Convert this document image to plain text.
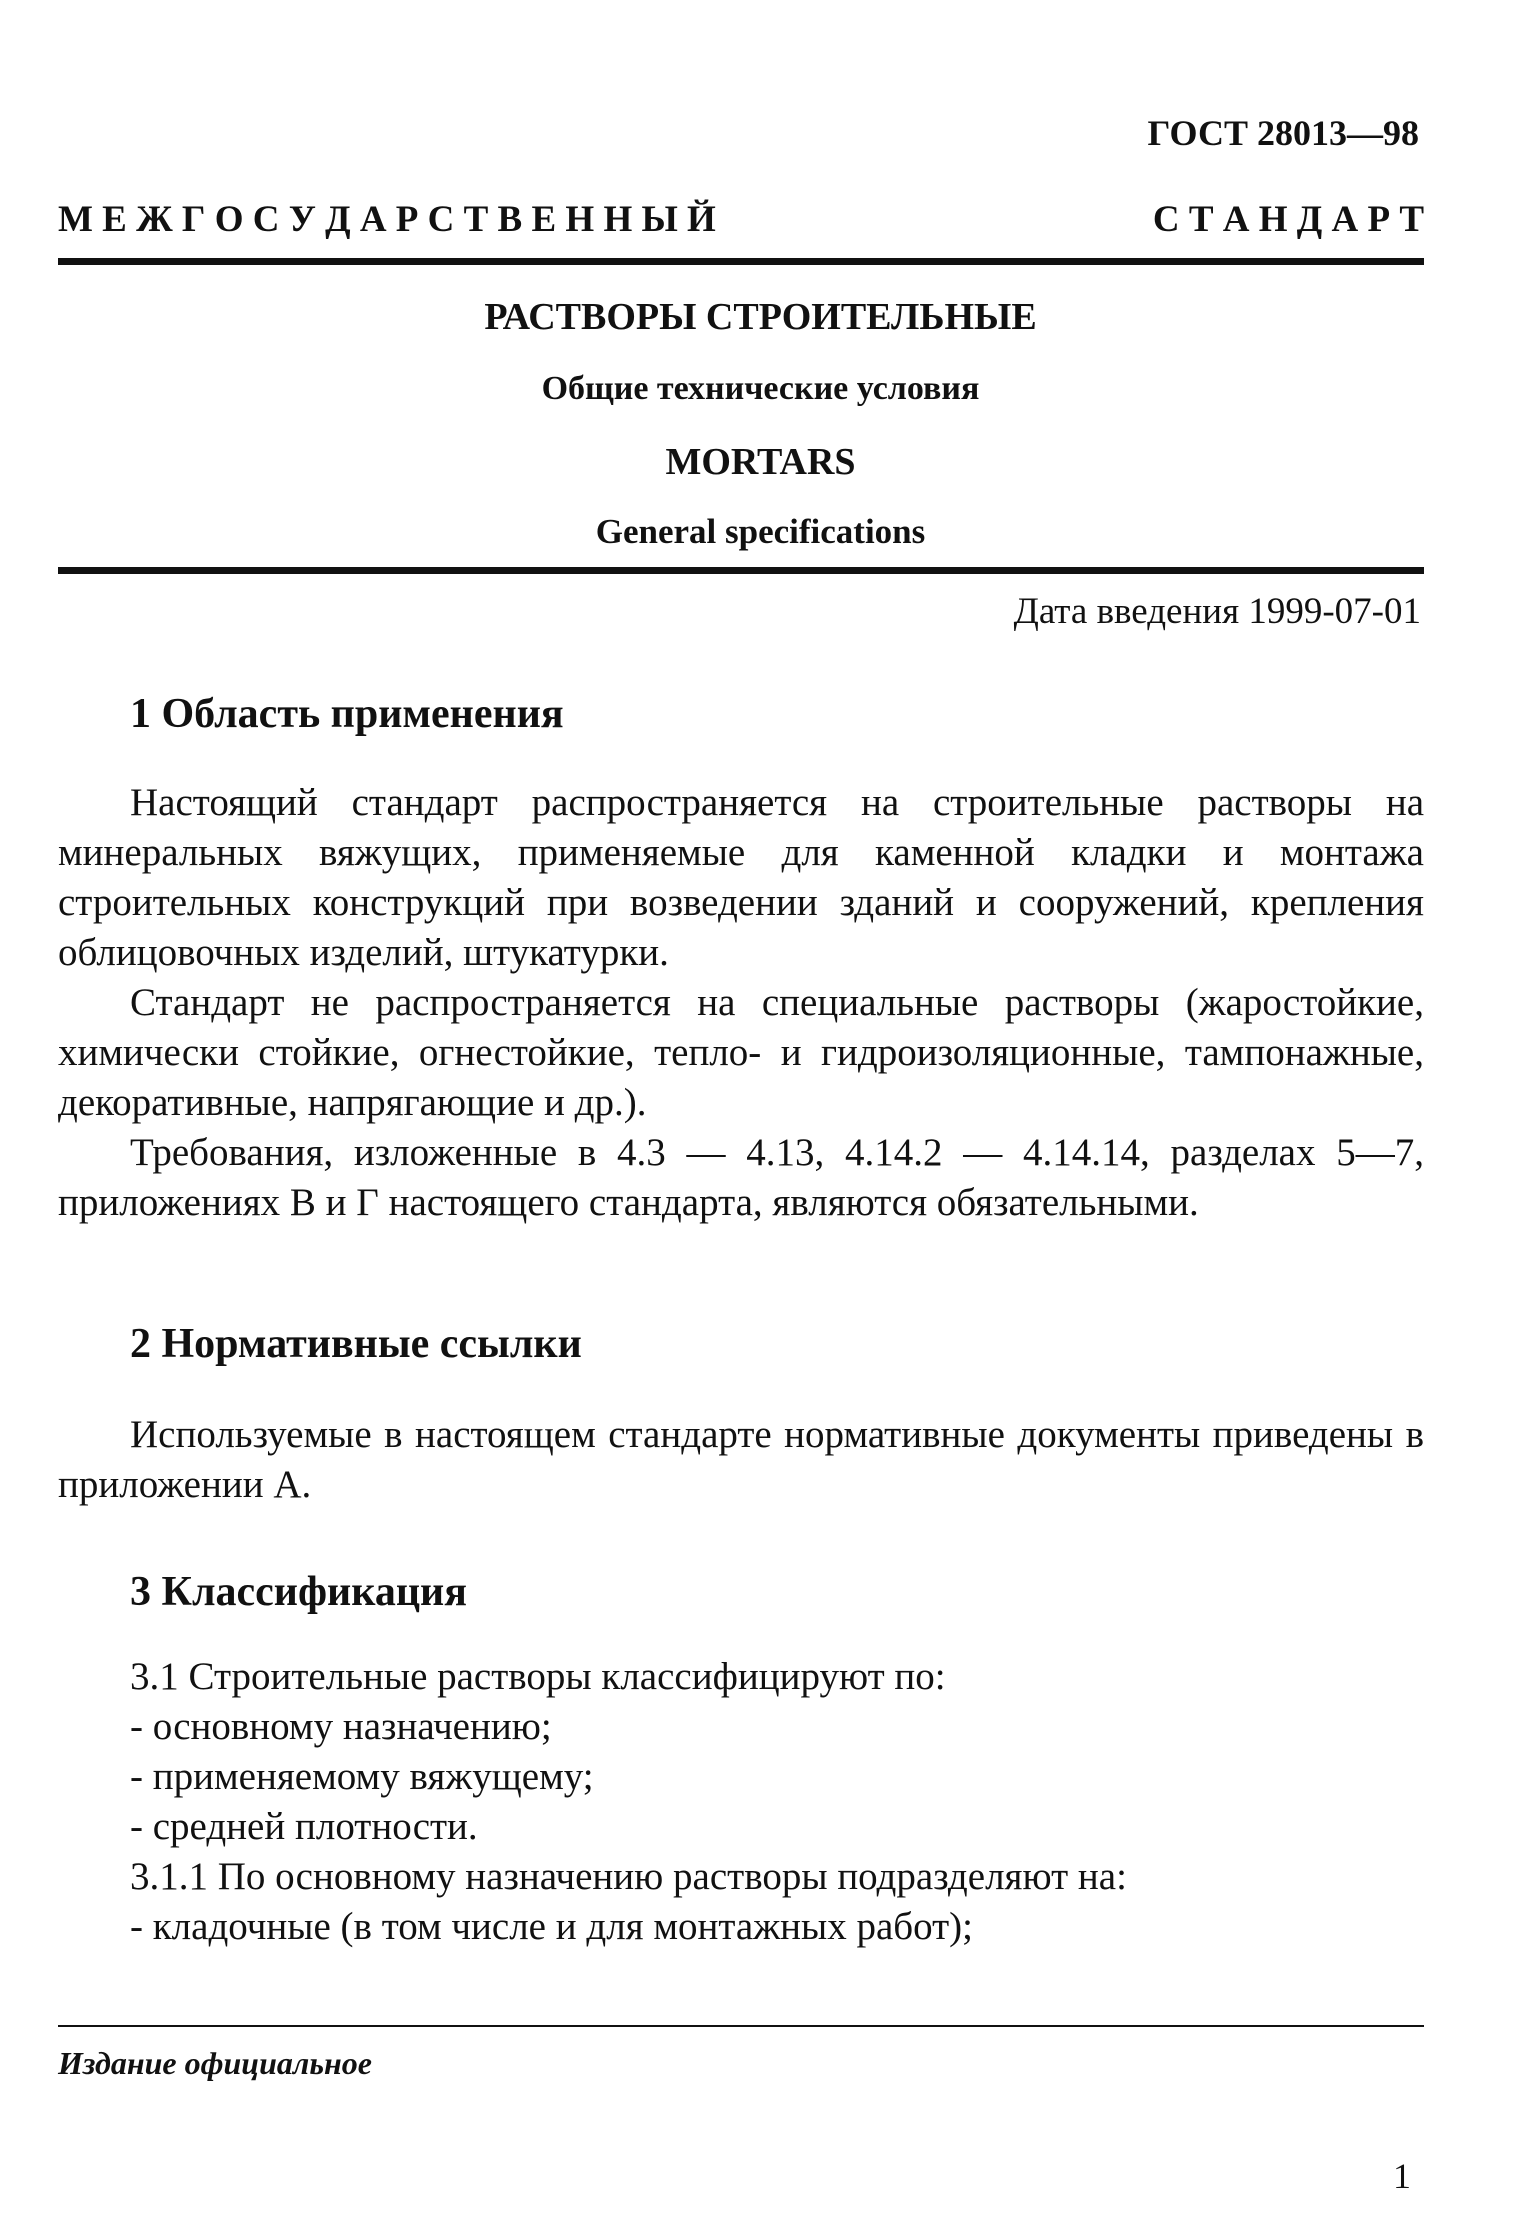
ГОСТ 28013—98
М Е Ж Г О С У Д А Р С Т В Е Н Н Ы Й	С Т А Н Д А Р Т
РАСТВОРЫ СТРОИТЕЛЬНЫЕ
Общие технические условия
MORTARS
General specifications
Дата введения 1999-07-01
1 Область применения

Настоящий стандарт распространяется на строительные растворы на минеральных вяжущих, применяемые для каменной кладки и монтажа строительных конструкций при возведении зданий и сооружений, крепления облицовочных изделий, штукатурки.

Стандарт не распространяется на специальные растворы (жаростойкие, химически стойкие, огнестойкие, тепло- и гидроизоляционные, тампонажные, декоративные, напрягающие и др.).

Требования, изложенные в 4.3 — 4.13, 4.14.2 — 4.14.14, разделах 5—7, приложениях В и Г настоящего стандарта, являются обязательными.

2 Нормативные ссылки

Используемые в настоящем стандарте нормативные документы приведены в приложении А.

3 Классификация
3.1 Строительные растворы классифицируют по:
- основному назначению;
- применяемому вяжущему;
- средней плотности.
3.1.1 По основному назначению растворы подразделяют на:
- кладочные (в том числе и для монтажных работ);
Издание официальное
1
